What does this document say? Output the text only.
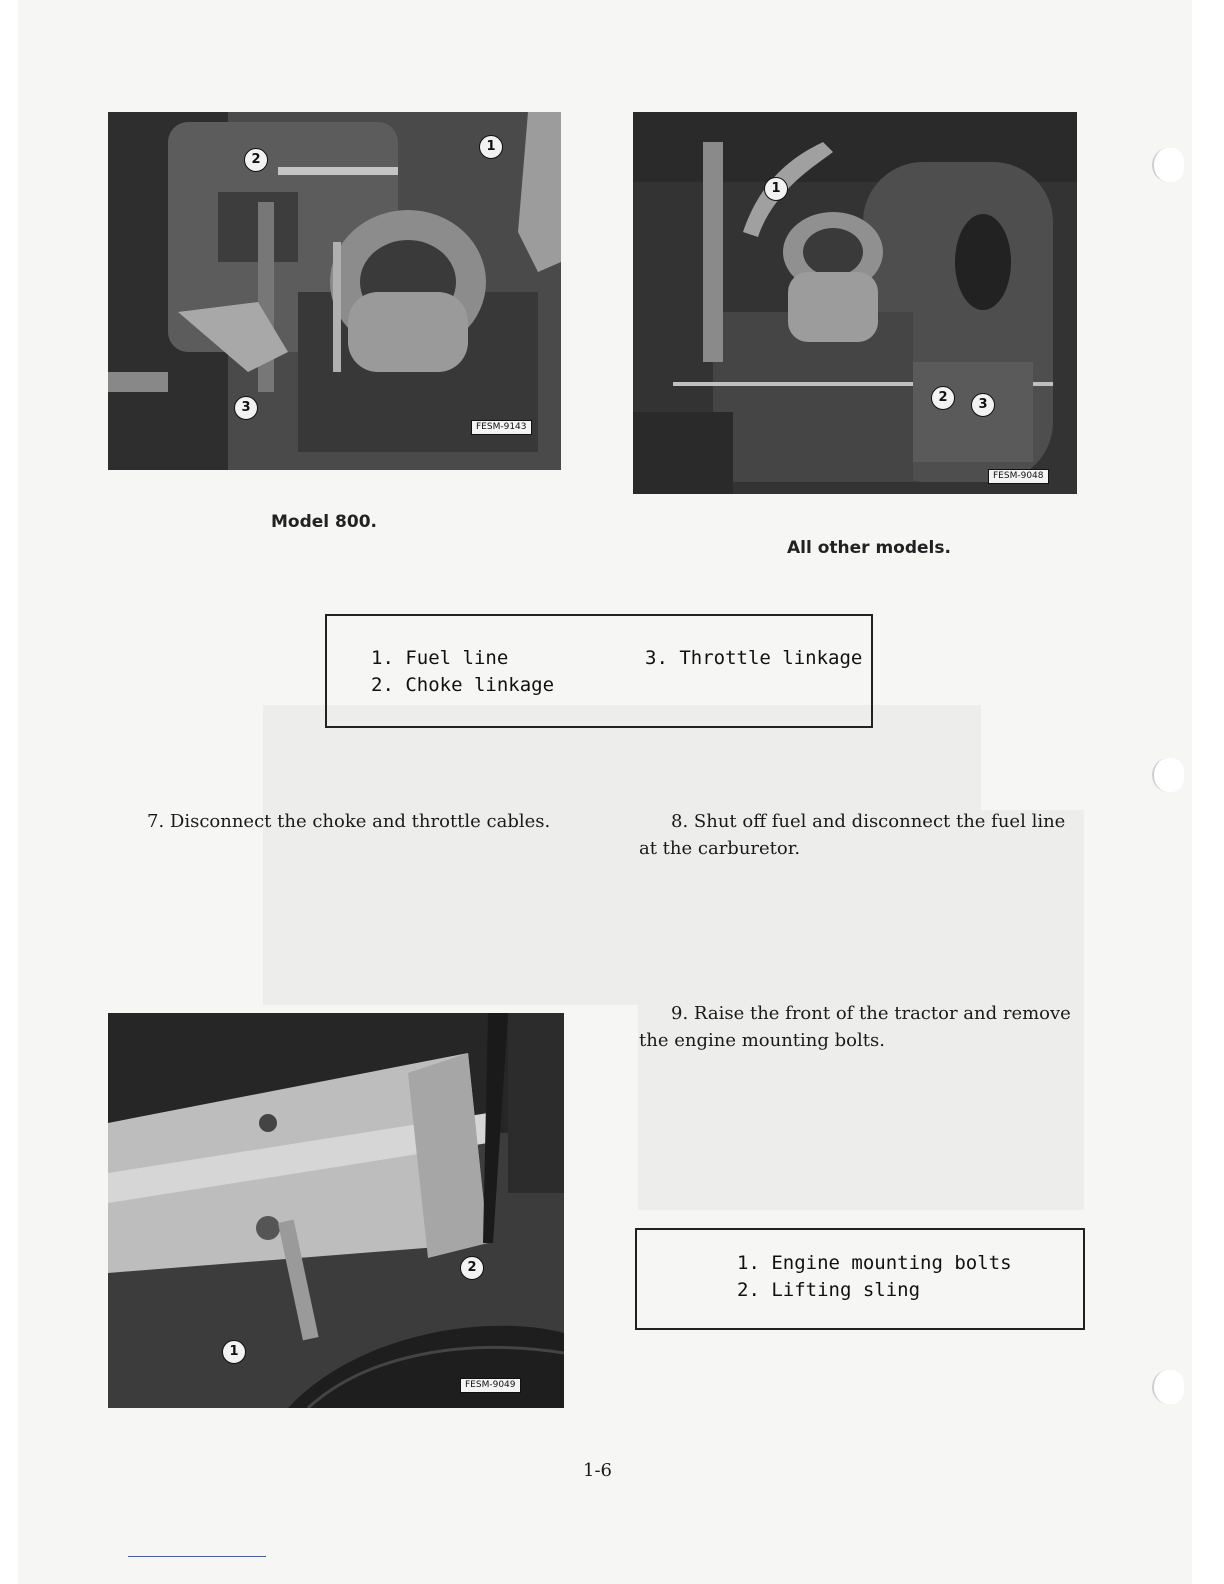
FESM-9143
1
2
3
Model 800.
FESM-9048
1
2	3
All other models.
1. Fuel line
2. Choke linkage
3. Throttle linkage
7. Disconnect the choke and throttle cables.	8. Shut off fuel and disconnect the fuel line at the carburetor.
9. Raise the front of the tractor and remove the engine mounting bolts.
FESM-9049
1
2	1. Engine mounting bolts
2. Lifting sling
1-6
